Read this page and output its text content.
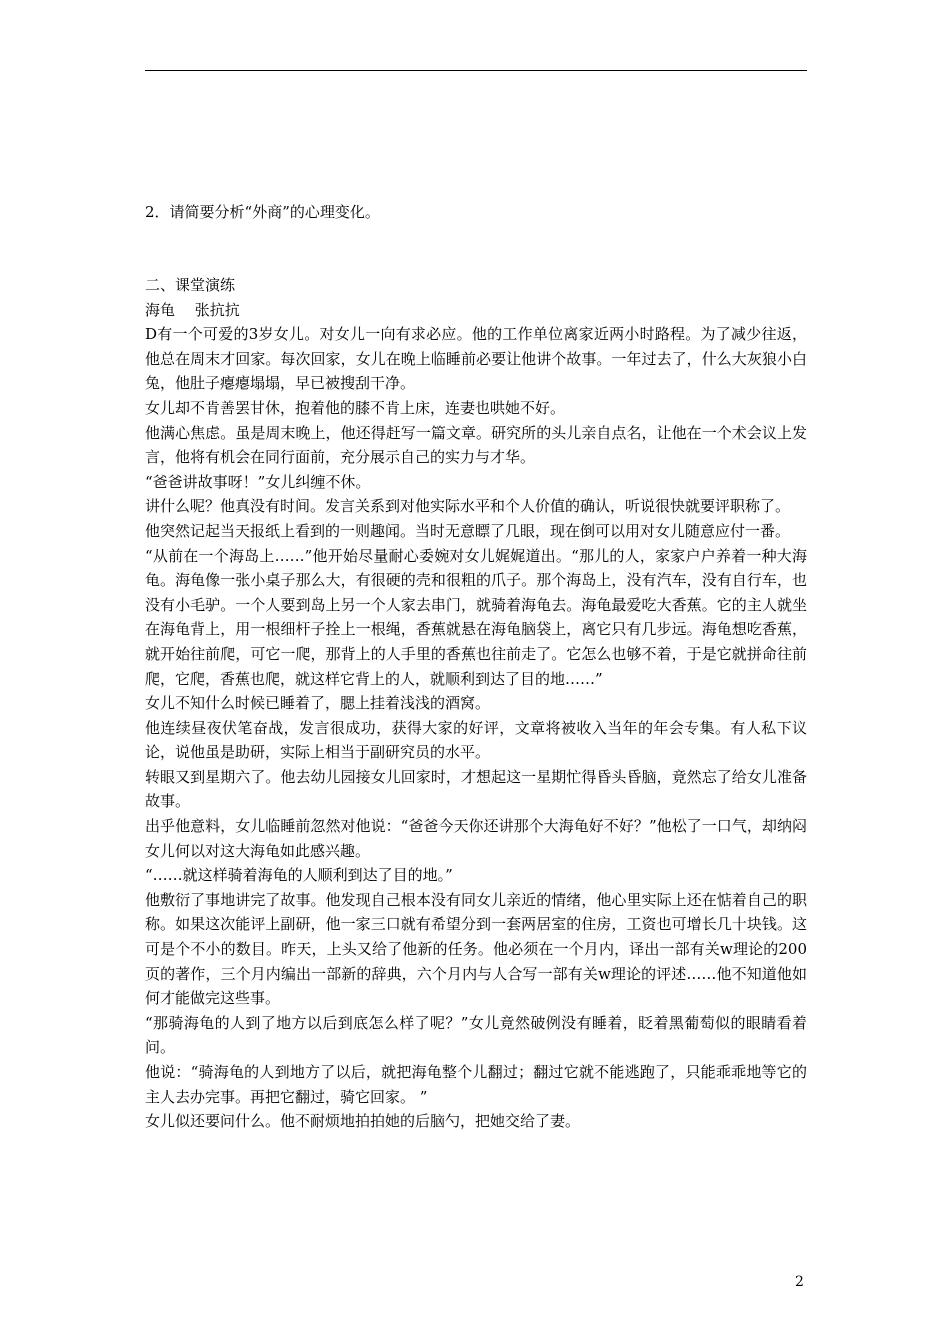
2．请简要分析“外商”的心理变化。

二、课堂演练

海龟　 张抗抗

D有一个可爱的3岁女儿。对女儿一向有求必应。他的工作单位离家近两小时路程。为了减少往返，他总在周末才回家。每次回家，女儿在晚上临睡前必要让他讲个故事。一年过去了，什么大灰狼小白兔，他肚子瘪瘪塌塌，早已被搜刮干净。

女儿却不肯善罢甘休，抱着他的膝不肯上床，连妻也哄她不好。

他满心焦虑。虽是周末晚上，他还得赶写一篇文章。研究所的头儿亲自点名，让他在一个术会议上发言，他将有机会在同行面前，充分展示自己的实力与才华。

“爸爸讲故事呀！”女儿纠缠不休。

讲什么呢？他真没有时间。发言关系到对他实际水平和个人价值的确认，听说很快就要评职称了。

他突然记起当天报纸上看到的一则趣闻。当时无意瞟了几眼，现在倒可以用对女儿随意应付一番。

“从前在一个海岛上……”他开始尽量耐心委婉对女儿娓娓道出。“那儿的人，家家户户养着一种大海龟。海龟像一张小桌子那么大，有很硬的壳和很粗的爪子。那个海岛上，没有汽车，没有自行车，也没有小毛驴。一个人要到岛上另一个人家去串门，就骑着海龟去。海龟最爱吃大香蕉。它的主人就坐在海龟背上，用一根细杆子拴上一根绳，香蕉就悬在海龟脑袋上，离它只有几步远。海龟想吃香蕉，就开始往前爬，可它一爬，那背上的人手里的香蕉也往前走了。它怎么也够不着，于是它就拼命往前爬，它爬，香蕉也爬，就这样它背上的人，就顺利到达了目的地……”

女儿不知什么时候已睡着了，腮上挂着浅浅的酒窝。

他连续昼夜伏笔奋战，发言很成功，获得大家的好评，文章将被收入当年的年会专集。有人私下议论，说他虽是助研，实际上相当于副研究员的水平。

转眼又到星期六了。他去幼儿园接女儿回家时，才想起这一星期忙得昏头昏脑，竟然忘了给女儿准备故事。

出乎他意料，女儿临睡前忽然对他说：“爸爸今天你还讲那个大海龟好不好？”他松了一口气，却纳闷女儿何以对这大海龟如此感兴趣。

“……就这样骑着海龟的人顺利到达了目的地。”

他敷衍了事地讲完了故事。他发现自己根本没有同女儿亲近的情绪，他心里实际上还在惦着自己的职称。如果这次能评上副研，他一家三口就有希望分到一套两居室的住房，工资也可增长几十块钱。这可是个不小的数目。昨天，上头又给了他新的任务。他必须在一个月内，译出一部有关w理论的200页的著作，三个月内编出一部新的辞典，六个月内与人合写一部有关w理论的评述……他不知道他如何才能做完这些事。

“那骑海龟的人到了地方以后到底怎么样了呢？”女儿竟然破例没有睡着，眨着黑葡萄似的眼睛看着问。

他说：“骑海龟的人到地方了以后，就把海龟整个儿翻过；翻过它就不能逃跑了，只能乖乖地等它的主人去办完事。再把它翻过，骑它回家。 ”

女儿似还要问什么。他不耐烦地拍拍她的后脑勺，把她交给了妻。

2
